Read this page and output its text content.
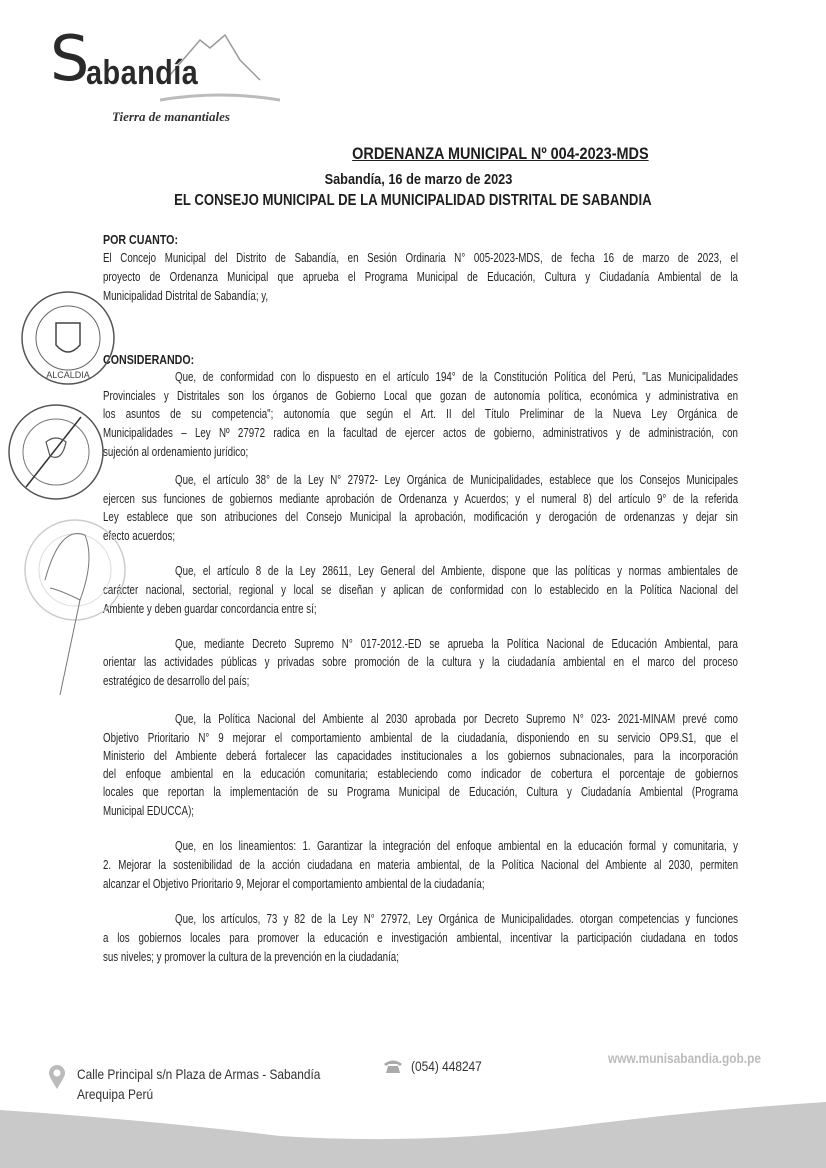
S
abandía
Tierra de manantiales
ORDENANZA MUNICIPAL Nº 004-2023-MDS
Sabandía, 16 de marzo de 2023
EL CONSEJO MUNICIPAL DE LA MUNICIPALIDAD DISTRITAL DE SABANDIA
POR CUANTO:
CONSIDERANDO:
El Concejo Municipal del Distrito de Sabandía, en Sesión Ordinaria N° 005-2023-MDS, de fecha 16 de marzo de 2023, el
proyecto de Ordenanza Municipal que aprueba el Programa Municipal de Educación, Cultura y Ciudadanía Ambiental de la
Municipalidad Distrital de Sabandía; y,
Que, de conformidad con lo dispuesto en el artículo 194° de la Constitución Política del Perú, "Las Municipalidades
Provinciales y Distritales son los órganos de Gobierno Local que gozan de autonomía política, económica y administrativa en
los asuntos de su competencia"; autonomía que según el Art. II del Título Preliminar de la Nueva Ley Orgánica de
Municipalidades – Ley Nº 27972 radica en la facultad de ejercer actos de gobierno, administrativos y de administración, con
sujeción al ordenamiento jurídico;
Que, el artículo 38° de la Ley N° 27972- Ley Orgánica de Municipalidades, establece que los Consejos Municipales
ejercen sus funciones de gobiernos mediante aprobación de Ordenanza y Acuerdos; y el numeral 8) del artículo 9° de la referida
Ley establece que son atribuciones del Consejo Municipal la aprobación, modificación y derogación de ordenanzas y dejar sin
efecto acuerdos;
Que, el artículo 8 de la Ley 28611, Ley General del Ambiente, dispone que las políticas y normas ambientales de
carácter nacional, sectorial, regional y local se diseñan y aplican de conformidad con lo establecido en la Política Nacional del
Ambiente y deben guardar concordancia entre sí;
Que, mediante Decreto Supremo N° 017-2012.-ED se aprueba la Política Nacional de Educación Ambiental, para
orientar las actividades públicas y privadas sobre promoción de la cultura y la ciudadanía ambiental en el marco del proceso
estratégico de desarrollo del país;
Que, la Política Nacional del Ambiente al 2030 aprobada por Decreto Supremo N° 023- 2021-MINAM prevé como
Objetivo Prioritario N° 9 mejorar el comportamiento ambiental de la ciudadanía, disponiendo en su servicio OP9.S1, que el
Ministerio del Ambiente deberá fortalecer las capacidades institucionales a los gobiernos subnacionales, para la incorporación
del enfoque ambiental en la educación comunitaria; estableciendo como indicador de cobertura el porcentaje de gobiernos
locales que reportan la implementación de su Programa Municipal de Educación, Cultura y Ciudadanía Ambiental (Programa
Municipal EDUCCA);
Que, en los lineamientos: 1. Garantizar la integración del enfoque ambiental en la educación formal y comunitaria, y
2. Mejorar la sostenibilidad de la acción ciudadana en materia ambiental, de la Política Nacional del Ambiente al 2030, permiten
alcanzar el Objetivo Prioritario 9, Mejorar el comportamiento ambiental de la ciudadanía;
Que, los artículos, 73 y 82 de la Ley N° 27972, Ley Orgánica de Municipalidades. otorgan competencias y funciones
a los gobiernos locales para promover la educación e investigación ambiental, incentivar la participación ciudadana en todos
sus niveles; y promover la cultura de la prevención en la ciudadanía;
ALCALDIA
Calle Principal s/n Plaza de Armas - Sabandía
Arequipa Perú
(054) 448247	www.munisabandia.gob.pe
